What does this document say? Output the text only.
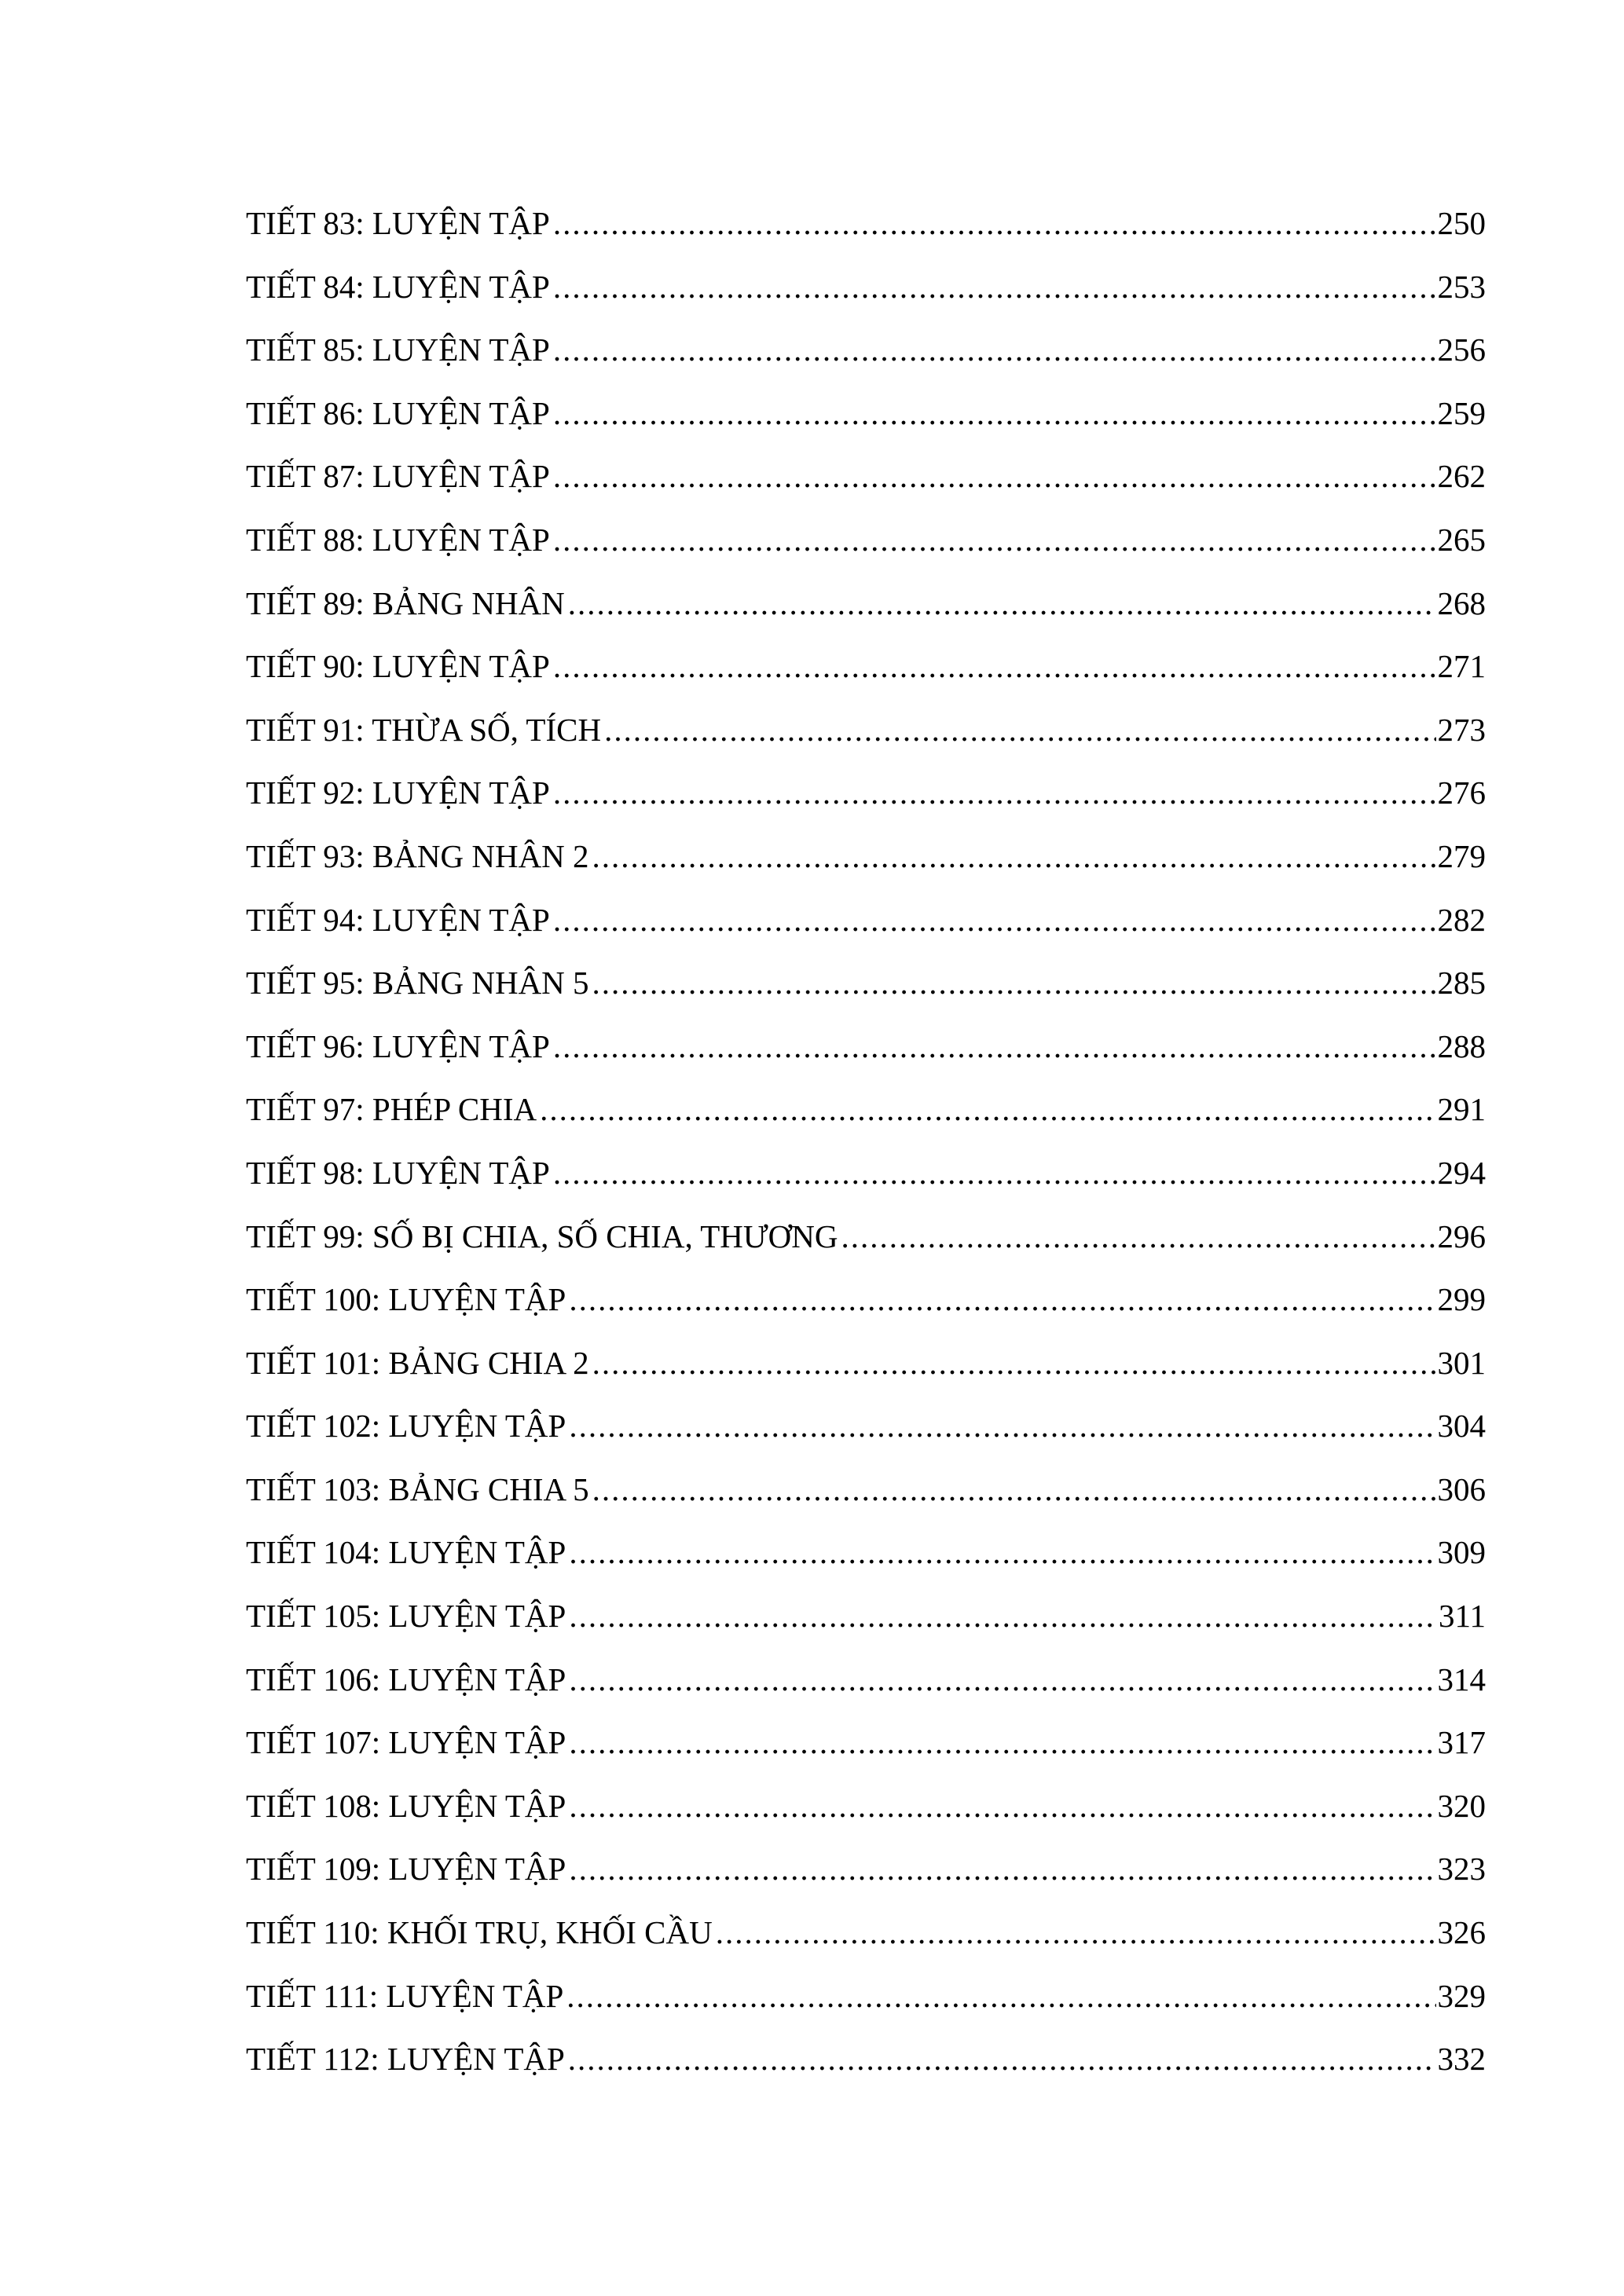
TIẾT 83: LUYỆN TẬP .....	250
TIẾT 84: LUYỆN TẬP .....	253
TIẾT 85: LUYỆN TẬP .....	256
TIẾT 86: LUYỆN TẬP .....	259
TIẾT 87: LUYỆN TẬP .....	262
TIẾT 88: LUYỆN TẬP .....	265
TIẾT 89: BẢNG NHÂN .....	268
TIẾT 90: LUYỆN TẬP .....	271
TIẾT 91: THỪA SỐ, TÍCH .....	273
TIẾT 92: LUYỆN TẬP .....	276
TIẾT 93: BẢNG NHÂN 2 .....	279
TIẾT 94: LUYỆN TẬP .....	282
TIẾT 95: BẢNG NHÂN 5 .....	285
TIẾT 96: LUYỆN TẬP .....	288
TIẾT 97: PHÉP CHIA .....	291
TIẾT 98: LUYỆN TẬP .....	294
TIẾT 99: SỐ BỊ CHIA, SỐ CHIA, THƯƠNG .....	296
TIẾT 100: LUYỆN TẬP .....	299
TIẾT 101: BẢNG CHIA 2 .....	301
TIẾT 102: LUYỆN TẬP .....	304
TIẾT 103: BẢNG CHIA 5 .....	306
TIẾT 104: LUYỆN TẬP .....	309
TIẾT 105: LUYỆN TẬP .....	311
TIẾT 106: LUYỆN TẬP .....	314
TIẾT 107: LUYỆN TẬP .....	317
TIẾT 108: LUYỆN TẬP .....	320
TIẾT 109: LUYỆN TẬP .....	323
TIẾT 110: KHỐI TRỤ, KHỐI CẦU .....	326
TIẾT 111: LUYỆN TẬP .....	329
TIẾT 112: LUYỆN TẬP .....	332
